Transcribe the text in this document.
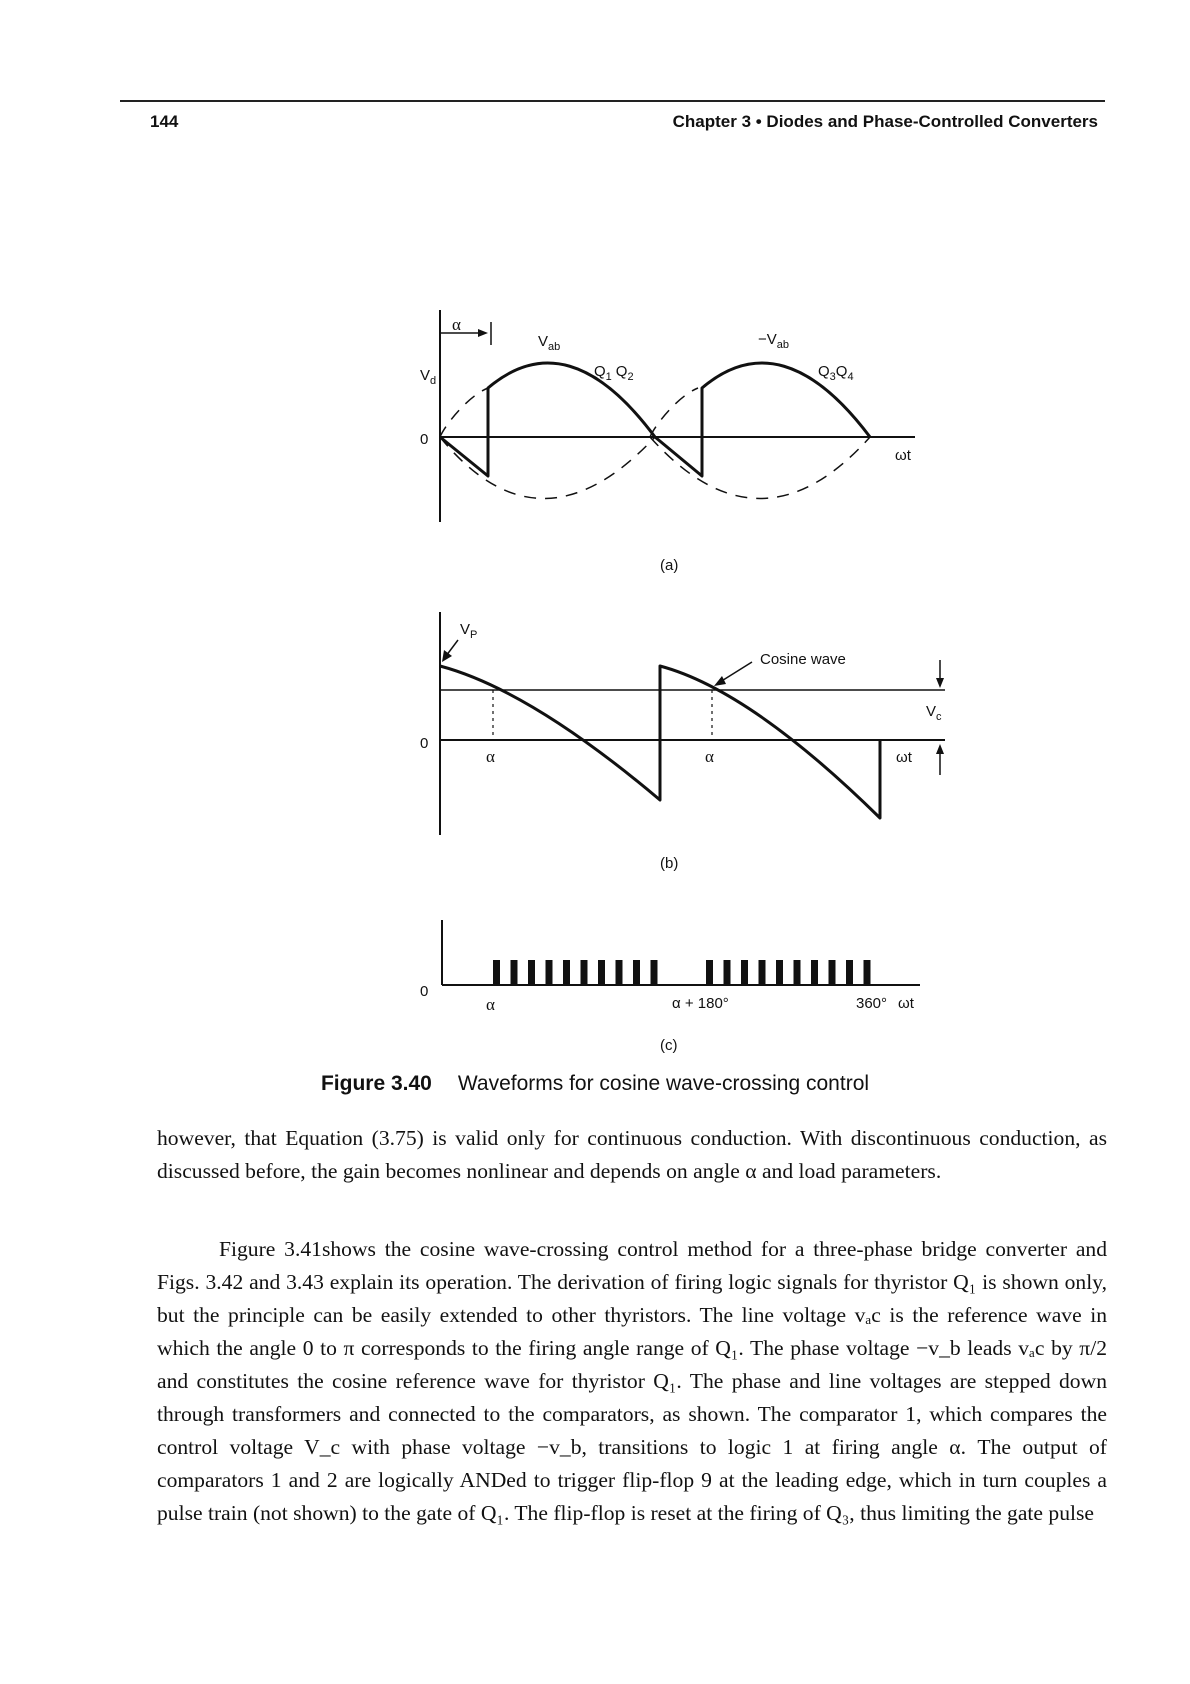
144	Chapter 3 • Diodes and Phase-Controlled Converters
$V_d$
0
α
$V_{ab}$
$Q_1$ $Q_2$
$-V_{ab}$
$Q_3Q_4$
ωt
(a)
$V_P$
0
α	α
Cosine wave
$V_c$
ωt
(b)
0
α	α + 180°	360° ωt
(c)
Figure 3.40 Waveforms for cosine wave-crossing control

however, that Equation (3.75) is valid only for continuous conduction. With discontinuous conduction, as discussed before, the gain becomes nonlinear and depends on angle α and load parameters.

Figure 3.41shows the cosine wave-crossing control method for a three-phase bridge converter and Figs. 3.42 and 3.43 explain its operation. The derivation of firing logic signals for thyristor Q₁ is shown only, but the principle can be easily extended to other thyristors. The line voltage vₐc is the reference wave in which the angle 0 to π corresponds to the firing angle range of Q₁. The phase voltage −v_b leads vₐc by π/2 and constitutes the cosine reference wave for thyristor Q₁. The phase and line voltages are stepped down through transformers and connected to the comparators, as shown. The comparator 1, which compares the control voltage V_c with phase voltage −v_b, transitions to logic 1 at firing angle α. The output of comparators 1 and 2 are logically ANDed to trigger flip-flop 9 at the leading edge, which in turn couples a pulse train (not shown) to the gate of Q₁. The flip-flop is reset at the firing of Q₃, thus limiting the gate pulse
